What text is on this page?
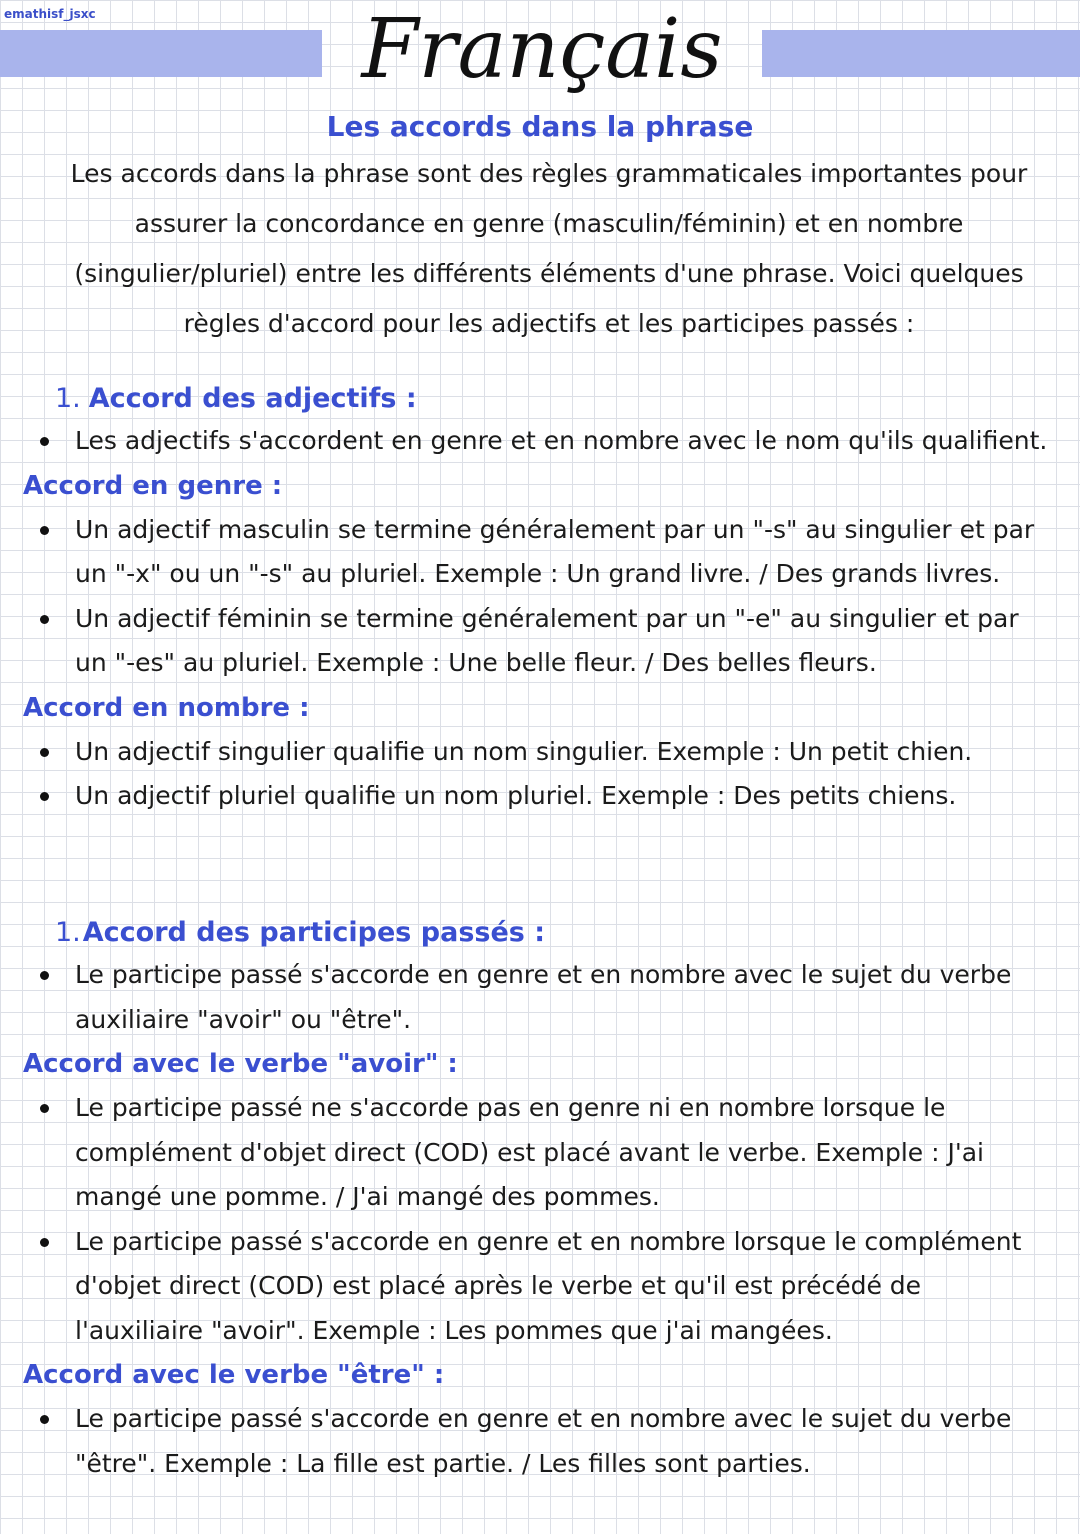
emathisf_jsxc	Français
Les accords dans la phrase

Les accords dans la phrase sont des règles grammaticales importantes pour assurer la concordance en genre (masculin/féminin) et en nombre (singulier/pluriel) entre les différents éléments d'une phrase. Voici quelques règles d'accord pour les adjectifs et les participes passés :

1. Accord des adjectifs :
Les adjectifs s'accordent en genre et en nombre avec le nom qu'ils qualifient.
Accord en genre :
Un adjectif masculin se termine généralement par un "-s" au singulier et par un "-x" ou un "-s" au pluriel. Exemple : Un grand livre. / Des grands livres.
Un adjectif féminin se termine généralement par un "-e" au singulier et par un "-es" au pluriel. Exemple : Une belle fleur. / Des belles fleurs.
Accord en nombre :
Un adjectif singulier qualifie un nom singulier. Exemple : Un petit chien.
Un adjectif pluriel qualifie un nom pluriel. Exemple : Des petits chiens.
1.Accord des participes passés :
Le participe passé s'accorde en genre et en nombre avec le sujet du verbe auxiliaire "avoir" ou "être".
Accord avec le verbe "avoir" :
Le participe passé ne s'accorde pas en genre ni en nombre lorsque le complément d'objet direct (COD) est placé avant le verbe. Exemple : J'ai mangé une pomme. / J'ai mangé des pommes.
Le participe passé s'accorde en genre et en nombre lorsque le complément d'objet direct (COD) est placé après le verbe et qu'il est précédé de l'auxiliaire "avoir". Exemple : Les pommes que j'ai mangées.
Accord avec le verbe "être" :
Le participe passé s'accorde en genre et en nombre avec le sujet du verbe "être". Exemple : La fille est partie. / Les filles sont parties.
